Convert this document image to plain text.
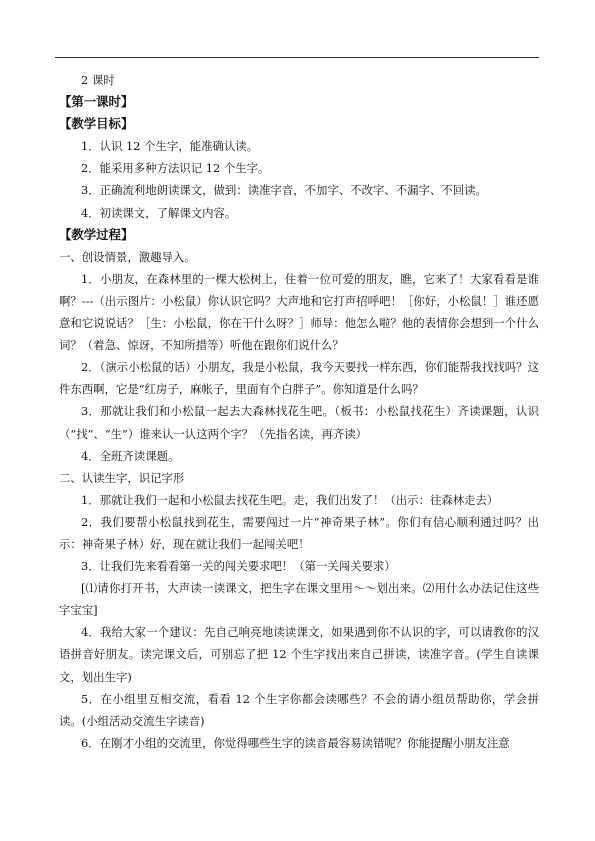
2 课时

【第一课时】

【教学目标】

1．认识 12 个生字，能准确认读。

2．能采用多种方法识记 12 个生字。

3．正确流利地朗读课文，做到：读准字音，不加字、不改字、不漏字、不回读。

4．初读课文，了解课文内容。

【教学过程】

一、创设情景，激趣导入。

1．小朋友，在森林里的一棵大松树上，住着一位可爱的朋友，瞧，它来了！大家看看是谁啊？---（出示图片：小松鼠）你认识它吗？大声地和它打声招呼吧！［你好，小松鼠！］谁还愿意和它说说话？［生：小松鼠，你在干什么呀？］师导：他怎么啦？他的表情你会想到一个什么词？（着急、惊讶，不知所措等）听他在跟你们说什么？

2．（演示小松鼠的话）小朋友，我是小松鼠，我今天要找一样东西，你们能帮我找找吗？这件东西啊，它是“红房子，麻帐子，里面有个白胖子”。你知道是什么吗？

3．那就让我们和小松鼠一起去大森林找花生吧。（板书：小松鼠找花生）齐读课题，认识（“找”、“生”）谁来认一认这两个字？（先指名读，再齐读）

4．全班齐读课题。

二、认读生字，识记字形

1．那就让我们一起和小松鼠去找花生吧。走，我们出发了！（出示：往森林走去）

2．我们要帮小松鼠找到花生，需要闯过一片“神奇果子林”。你们有信心顺利通过吗？出示：神奇果子林）好，现在就让我们一起闯关吧！

3．让我们先来看看第一关的闯关要求吧！（第一关闯关要求）

[⑴请你打开书，大声读一读课文，把生字在课文里用～～划出来。⑵用什么办法记住这些字宝宝]

4．我给大家一个建议：先自己响亮地读读课文，如果遇到你不认识的字，可以请教你的汉语拼音好朋友。读完课文后，可别忘了把 12 个生字找出来自己拼读，读准字音。(学生自读课文，划出生字)

5．在小组里互相交流，看看 12 个生字你都会读哪些？不会的请小组员帮助你，学会拼读。(小组活动交流生字读音)

6．在刚才小组的交流里，你觉得哪些生字的读音最容易读错呢？你能提醒小朋友注意
